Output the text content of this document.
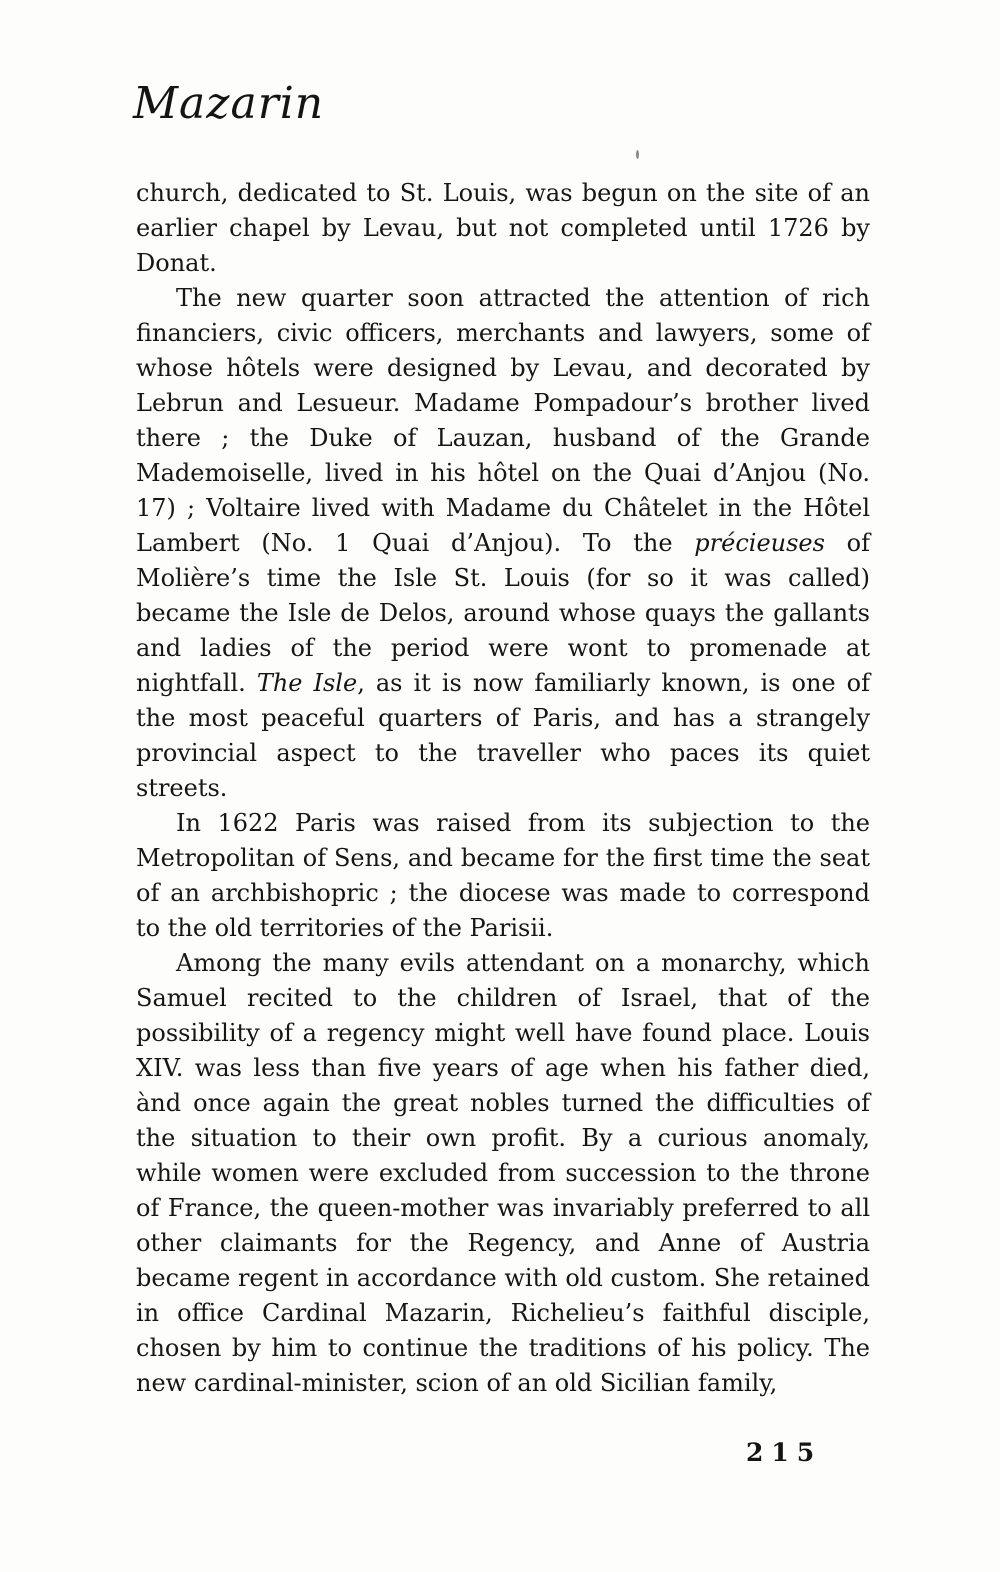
Mazarin

church, dedicated to St. Louis, was begun on the site of an earlier chapel by Levau, but not completed until 1726 by Donat.

The new quarter soon attracted the attention of rich financiers, civic officers, merchants and lawyers, some of whose hôtels were designed by Levau, and decorated by Lebrun and Lesueur. Madame Pompadour’s brother lived there ; the Duke of Lauzan, husband of the Grande Mademoiselle, lived in his hôtel on the Quai d’Anjou (No. 17) ; Voltaire lived with Madame du Châtelet in the Hôtel Lambert (No. 1 Quai d’Anjou). To the précieuses of Molière’s time the Isle St. Louis (for so it was called) became the Isle de Delos, around whose quays the gallants and ladies of the period were wont to promenade at nightfall. The Isle, as it is now familiarly known, is one of the most peaceful quarters of Paris, and has a strangely provincial aspect to the traveller who paces its quiet streets.

In 1622 Paris was raised from its subjection to the Metropolitan of Sens, and became for the first time the seat of an archbishopric ; the diocese was made to correspond to the old territories of the Parisii.

Among the many evils attendant on a monarchy, which Samuel recited to the children of Israel, that of the possibility of a regency might well have found place. Louis XIV. was less than five years of age when his father died, ànd once again the great nobles turned the difficulties of the situation to their own profit. By a curious anomaly, while women were excluded from succession to the throne of France, the queen-mother was invariably preferred to all other claimants for the Regency, and Anne of Austria became regent in accordance with old custom. She retained in office Cardinal Mazarin, Richelieu’s faithful disciple, chosen by him to continue the traditions of his policy. The new cardinal-minister, scion of an old Sicilian family,

215
